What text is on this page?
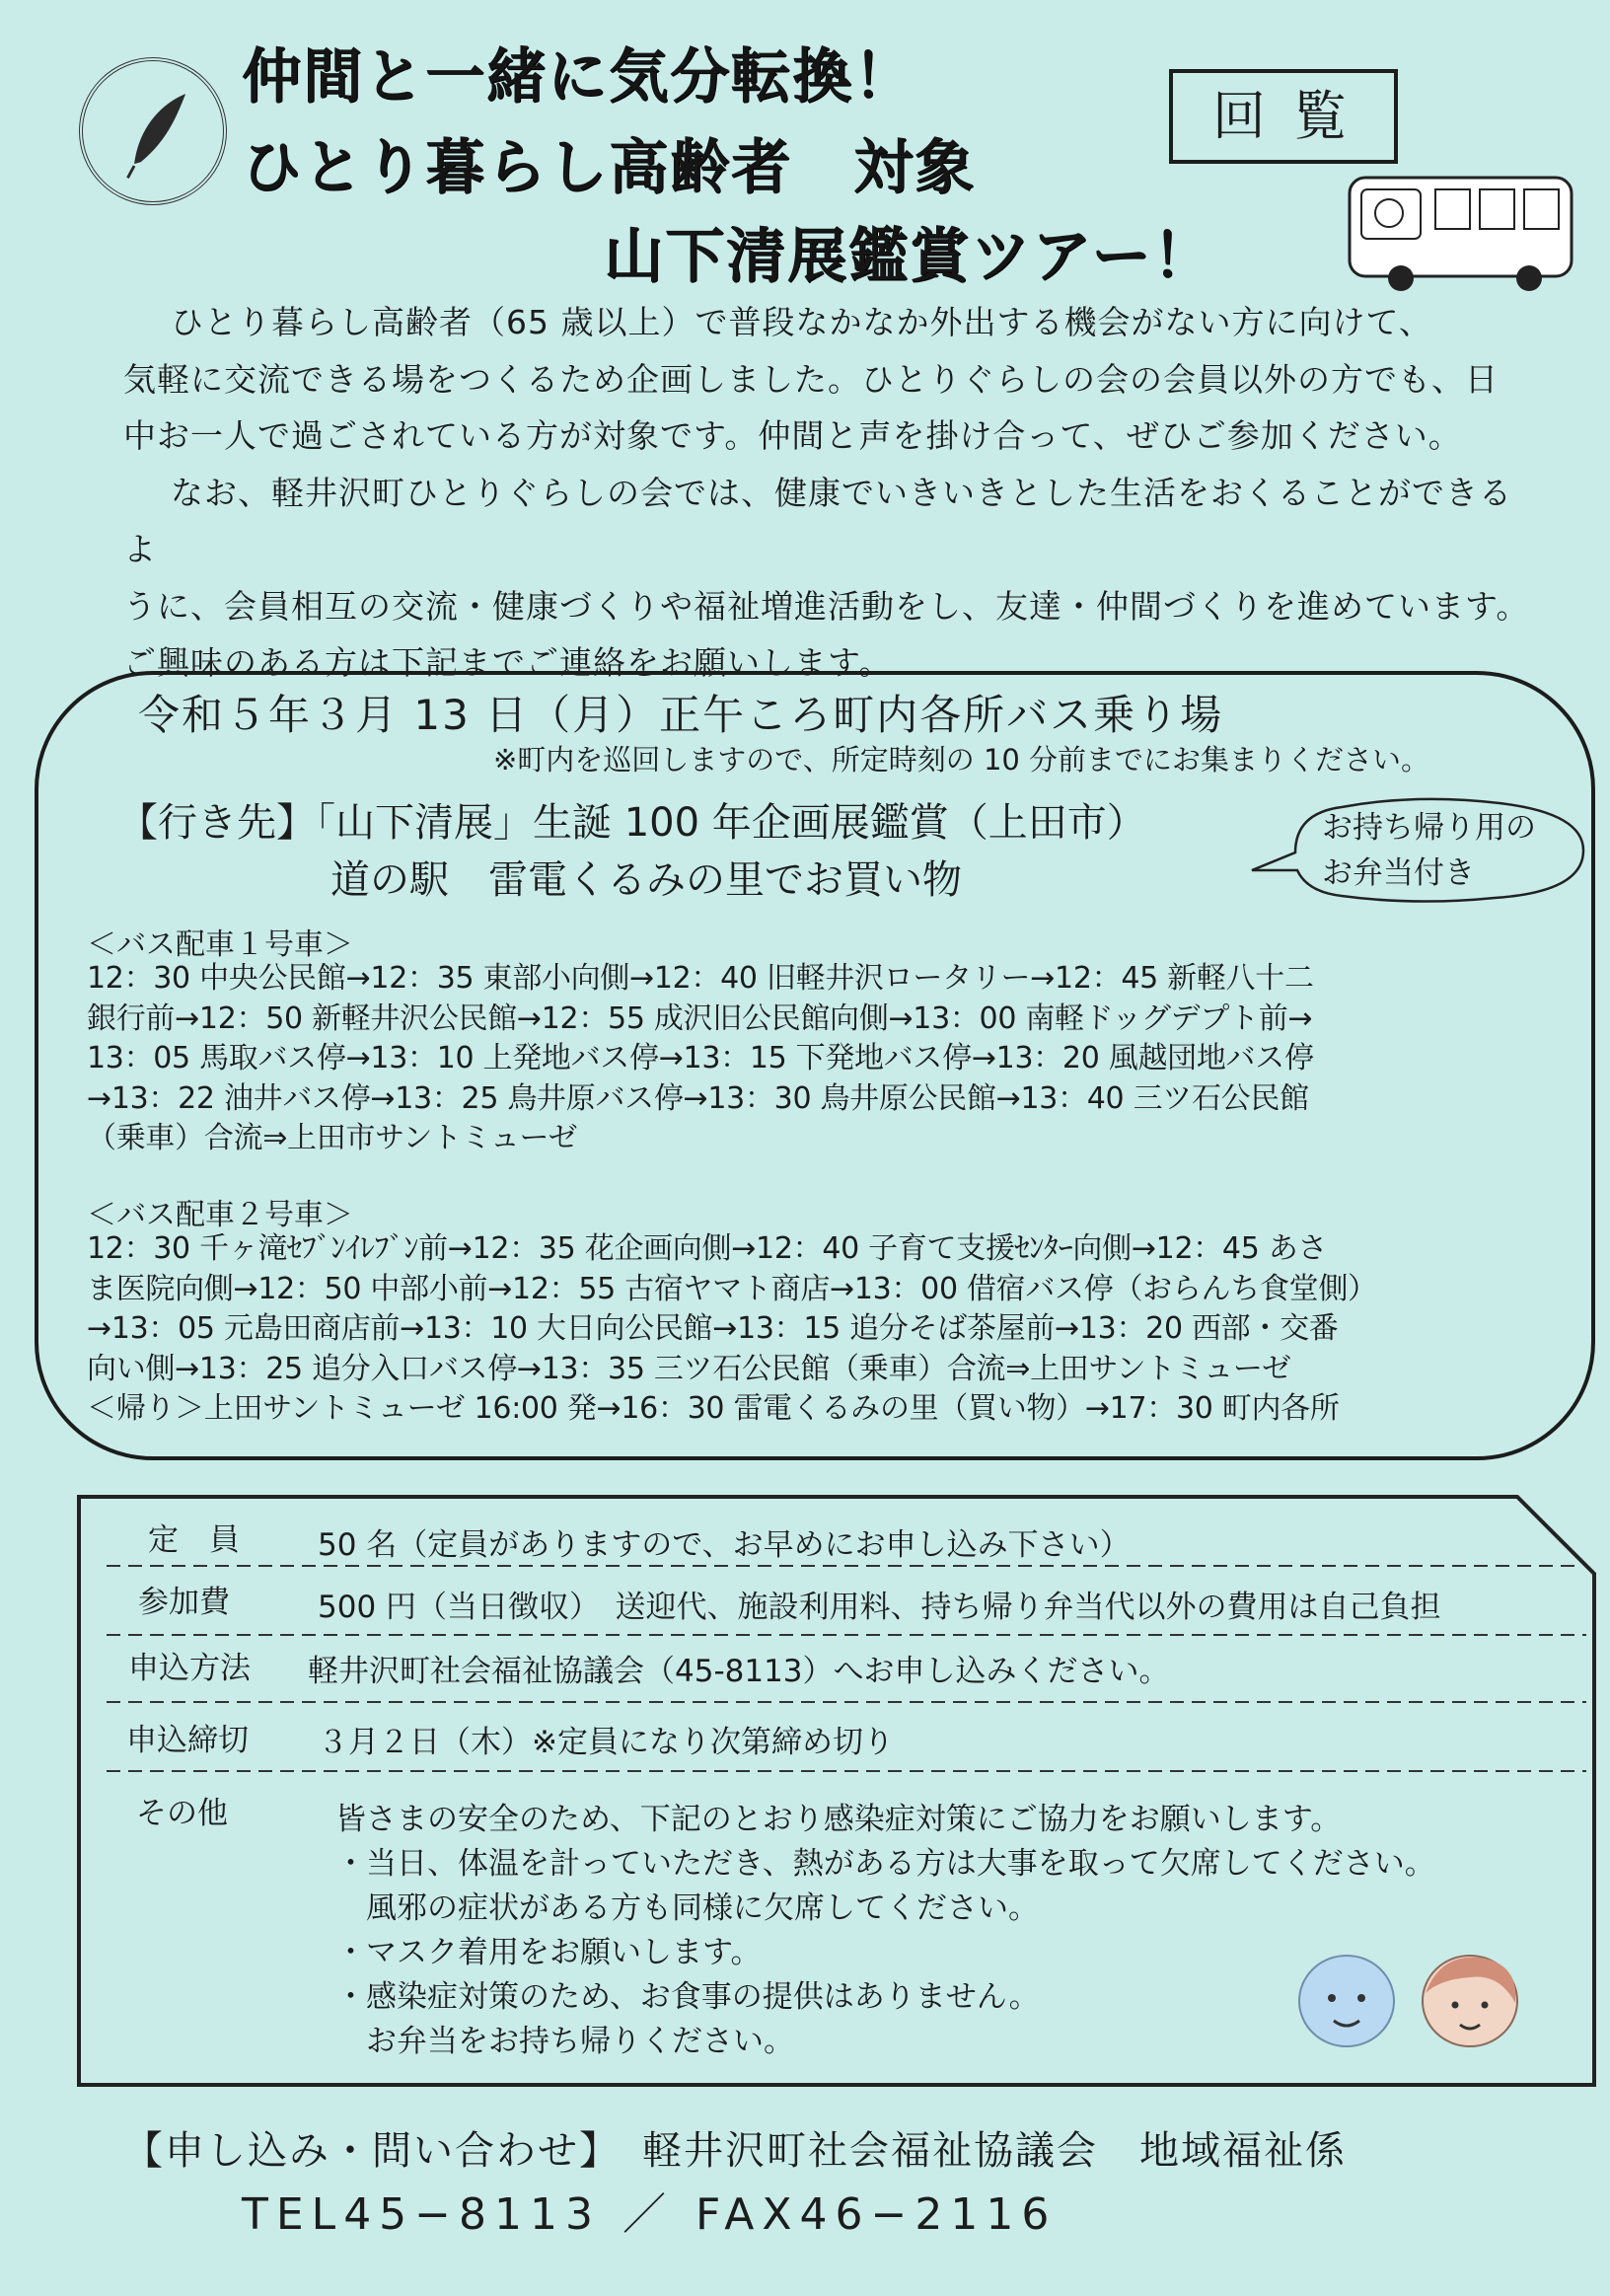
仲間と一緒に気分転換！
ひとり暮らし高齢者　対象
山下清展鑑賞ツアー！
回覧

ひとり暮らし高齢者（65 歳以上）で普段なかなか外出する機会がない方に向けて、

気軽に交流できる場をつくるため企画しました。ひとりぐらしの会の会員以外の方でも、日

中お一人で過ごされている方が対象です。仲間と声を掛け合って、ぜひご参加ください。

なお、軽井沢町ひとりぐらしの会では、健康でいきいきとした生活をおくることができるよ

うに、会員相互の交流・健康づくりや福祉増進活動をし、友達・仲間づくりを進めています。

ご興味のある方は下記までご連絡をお願いします。

令和５年３月 13 日（月）正午ころ町内各所バス乗り場
※町内を巡回しますので、所定時刻の 10 分前までにお集まりください。
【行き先】「山下清展」生誕 100 年企画展鑑賞（上田市）
道の駅　雷電くるみの里でお買い物
お持ち帰り用の
お弁当付き
＜バス配車１号車＞
12：30 中央公民館→12：35 東部小向側→12：40 旧軽井沢ロータリー→12：45 新軽八十二
銀行前→12：50 新軽井沢公民館→12：55 成沢旧公民館向側→13：00 南軽ドッグデプト前→
13：05 馬取バス停→13：10 上発地バス停→13：15 下発地バス停→13：20 風越団地バス停
→13：22 油井バス停→13：25 鳥井原バス停→13：30 鳥井原公民館→13：40 三ツ石公民館
（乗車）合流⇒上田市サントミューゼ
＜バス配車２号車＞
12：30 千ヶ滝ｾﾌﾞﾝｲﾚﾌﾞﾝ前→12：35 花企画向側→12：40 子育て支援ｾﾝﾀｰ向側→12：45 あさ
ま医院向側→12：50 中部小前→12：55 古宿ヤマト商店→13：00 借宿バス停（おらんち食堂側）
→13：05 元島田商店前→13：10 大日向公民館→13：15 追分そば茶屋前→13：20 西部・交番
向い側→13：25 追分入口バス停→13：35 三ツ石公民館（乗車）合流⇒上田サントミューゼ
＜帰り＞上田サントミューゼ 16:00 発→16：30 雷電くるみの里（買い物）→17：30 町内各所
定　員	50 名（定員がありますので、お早めにお申し込み下さい）
参加費	500 円（当日徴収）　送迎代、施設利用料、持ち帰り弁当代以外の費用は自己負担
申込方法 軽井沢町社会福祉協議会（45-8113）へお申し込みください。
申込締切 ３月２日（木）※定員になり次第締め切り
その他	皆さまの安全のため、下記のとおり感染症対策にご協力をお願いします。
・当日、体温を計っていただき、熱がある方は大事を取って欠席してください。
　風邪の症状がある方も同様に欠席してください。
・マスク着用をお願いします。
・感染症対策のため、お食事の提供はありません。
　お弁当をお持ち帰りください。
【申し込み・問い合わせ】　軽井沢町社会福祉協議会　地域福祉係
TEL45−8113 ／ FAX46−2116
